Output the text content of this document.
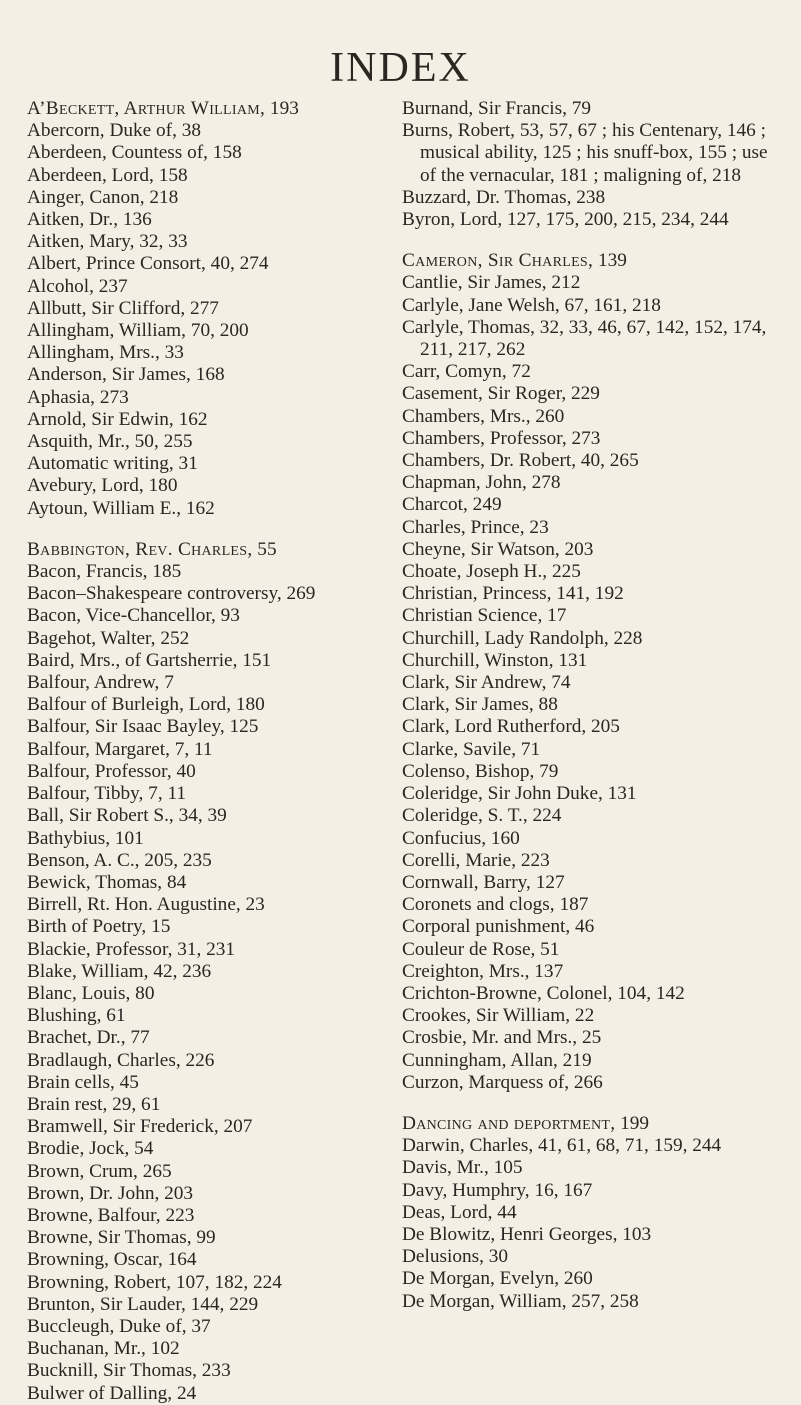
INDEX
A’Beckett, Arthur William, 193
Abercorn, Duke of, 38
Aberdeen, Countess of, 158
Aberdeen, Lord, 158
Ainger, Canon, 218
Aitken, Dr., 136
Aitken, Mary, 32, 33
Albert, Prince Consort, 40, 274
Alcohol, 237
Allbutt, Sir Clifford, 277
Allingham, William, 70, 200
Allingham, Mrs., 33
Anderson, Sir James, 168
Aphasia, 273
Arnold, Sir Edwin, 162
Asquith, Mr., 50, 255
Automatic writing, 31
Avebury, Lord, 180
Aytoun, William E., 162
Babbington, Rev. Charles, 55
Bacon, Francis, 185
Bacon–Shakespeare controversy, 269
Bacon, Vice-Chancellor, 93
Bagehot, Walter, 252
Baird, Mrs., of Gartsherrie, 151
Balfour, Andrew, 7
Balfour of Burleigh, Lord, 180
Balfour, Sir Isaac Bayley, 125
Balfour, Margaret, 7, 11
Balfour, Professor, 40
Balfour, Tibby, 7, 11
Ball, Sir Robert S., 34, 39
Bathybius, 101
Benson, A. C., 205, 235
Bewick, Thomas, 84
Birrell, Rt. Hon. Augustine, 23
Birth of Poetry, 15
Blackie, Professor, 31, 231
Blake, William, 42, 236
Blanc, Louis, 80
Blushing, 61
Brachet, Dr., 77
Bradlaugh, Charles, 226
Brain cells, 45
Brain rest, 29, 61
Bramwell, Sir Frederick, 207
Brodie, Jock, 54
Brown, Crum, 265
Brown, Dr. John, 203
Browne, Balfour, 223
Browne, Sir Thomas, 99
Browning, Oscar, 164
Browning, Robert, 107, 182, 224
Brunton, Sir Lauder, 144, 229
Buccleugh, Duke of, 37
Buchanan, Mr., 102
Bucknill, Sir Thomas, 233
Bulwer of Dalling, 24
Burnand, Sir Francis, 79
Burns, Robert, 53, 57, 67 ; his Centenary, 146 ; musical ability, 125 ; his snuff-box, 155 ; use of the vernacular, 181 ; maligning of, 218
Buzzard, Dr. Thomas, 238
Byron, Lord, 127, 175, 200, 215, 234, 244
Cameron, Sir Charles, 139
Cantlie, Sir James, 212
Carlyle, Jane Welsh, 67, 161, 218
Carlyle, Thomas, 32, 33, 46, 67, 142, 152, 174, 211, 217, 262
Carr, Comyn, 72
Casement, Sir Roger, 229
Chambers, Mrs., 260
Chambers, Professor, 273
Chambers, Dr. Robert, 40, 265
Chapman, John, 278
Charcot, 249
Charles, Prince, 23
Cheyne, Sir Watson, 203
Choate, Joseph H., 225
Christian, Princess, 141, 192
Christian Science, 17
Churchill, Lady Randolph, 228
Churchill, Winston, 131
Clark, Sir Andrew, 74
Clark, Sir James, 88
Clark, Lord Rutherford, 205
Clarke, Savile, 71
Colenso, Bishop, 79
Coleridge, Sir John Duke, 131
Coleridge, S. T., 224
Confucius, 160
Corelli, Marie, 223
Cornwall, Barry, 127
Coronets and clogs, 187
Corporal punishment, 46
Couleur de Rose, 51
Creighton, Mrs., 137
Crichton-Browne, Colonel, 104, 142
Crookes, Sir William, 22
Crosbie, Mr. and Mrs., 25
Cunningham, Allan, 219
Curzon, Marquess of, 266
Dancing and deportment, 199
Darwin, Charles, 41, 61, 68, 71, 159, 244
Davis, Mr., 105
Davy, Humphry, 16, 167
Deas, Lord, 44
De Blowitz, Henri Georges, 103
Delusions, 30
De Morgan, Evelyn, 260
De Morgan, William, 257, 258
